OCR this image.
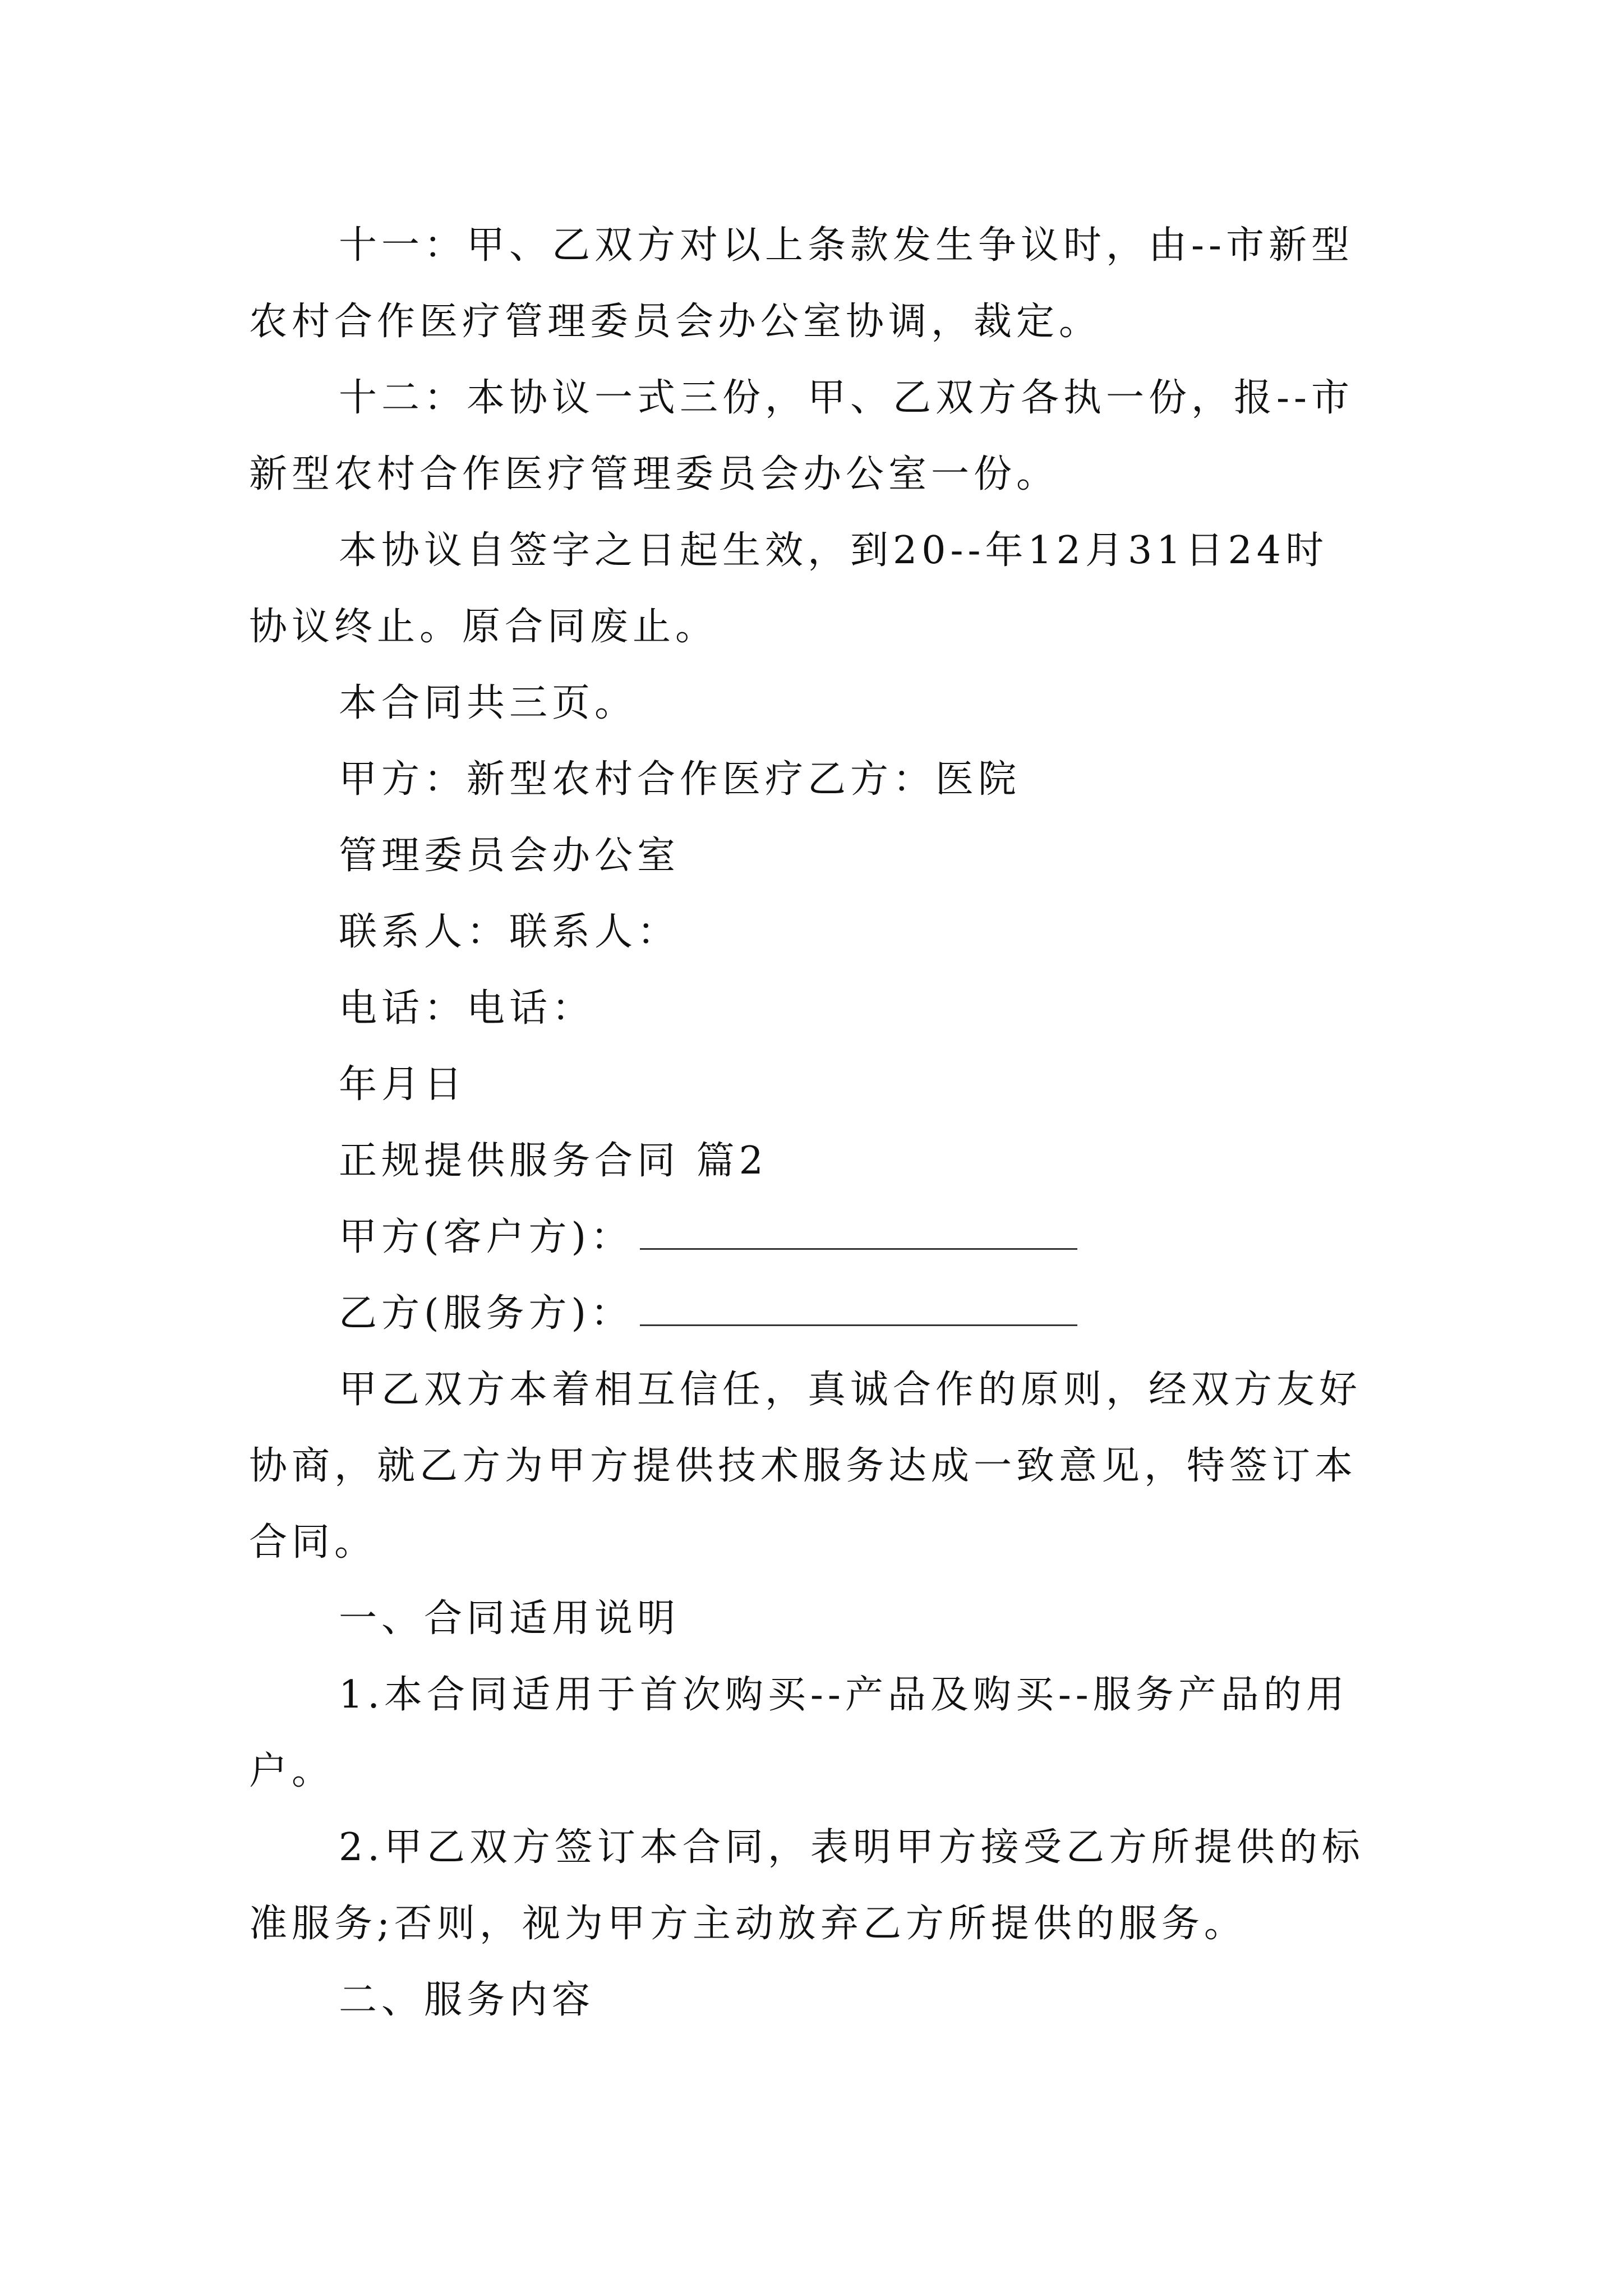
十一：甲、乙双方对以上条款发生争议时，由--市新型
农村合作医疗管理委员会办公室协调，裁定。
十二：本协议一式三份，甲、乙双方各执一份，报--市
新型农村合作医疗管理委员会办公室一份。
本协议自签字之日起生效，到20--年12月31日24时
协议终止。原合同废止。
本合同共三页。
甲方：新型农村合作医疗乙方：医院
管理委员会办公室
联系人：联系人：
电话：电话：
年月日
正规提供服务合同 篇2
甲方(客户方)：
乙方(服务方)：
甲乙双方本着相互信任，真诚合作的原则，经双方友好
协商，就乙方为甲方提供技术服务达成一致意见，特签订本
合同。
一、合同适用说明
1.本合同适用于首次购买--产品及购买--服务产品的用
户。
2.甲乙双方签订本合同，表明甲方接受乙方所提供的标
准服务;否则，视为甲方主动放弃乙方所提供的服务。
二、服务内容
